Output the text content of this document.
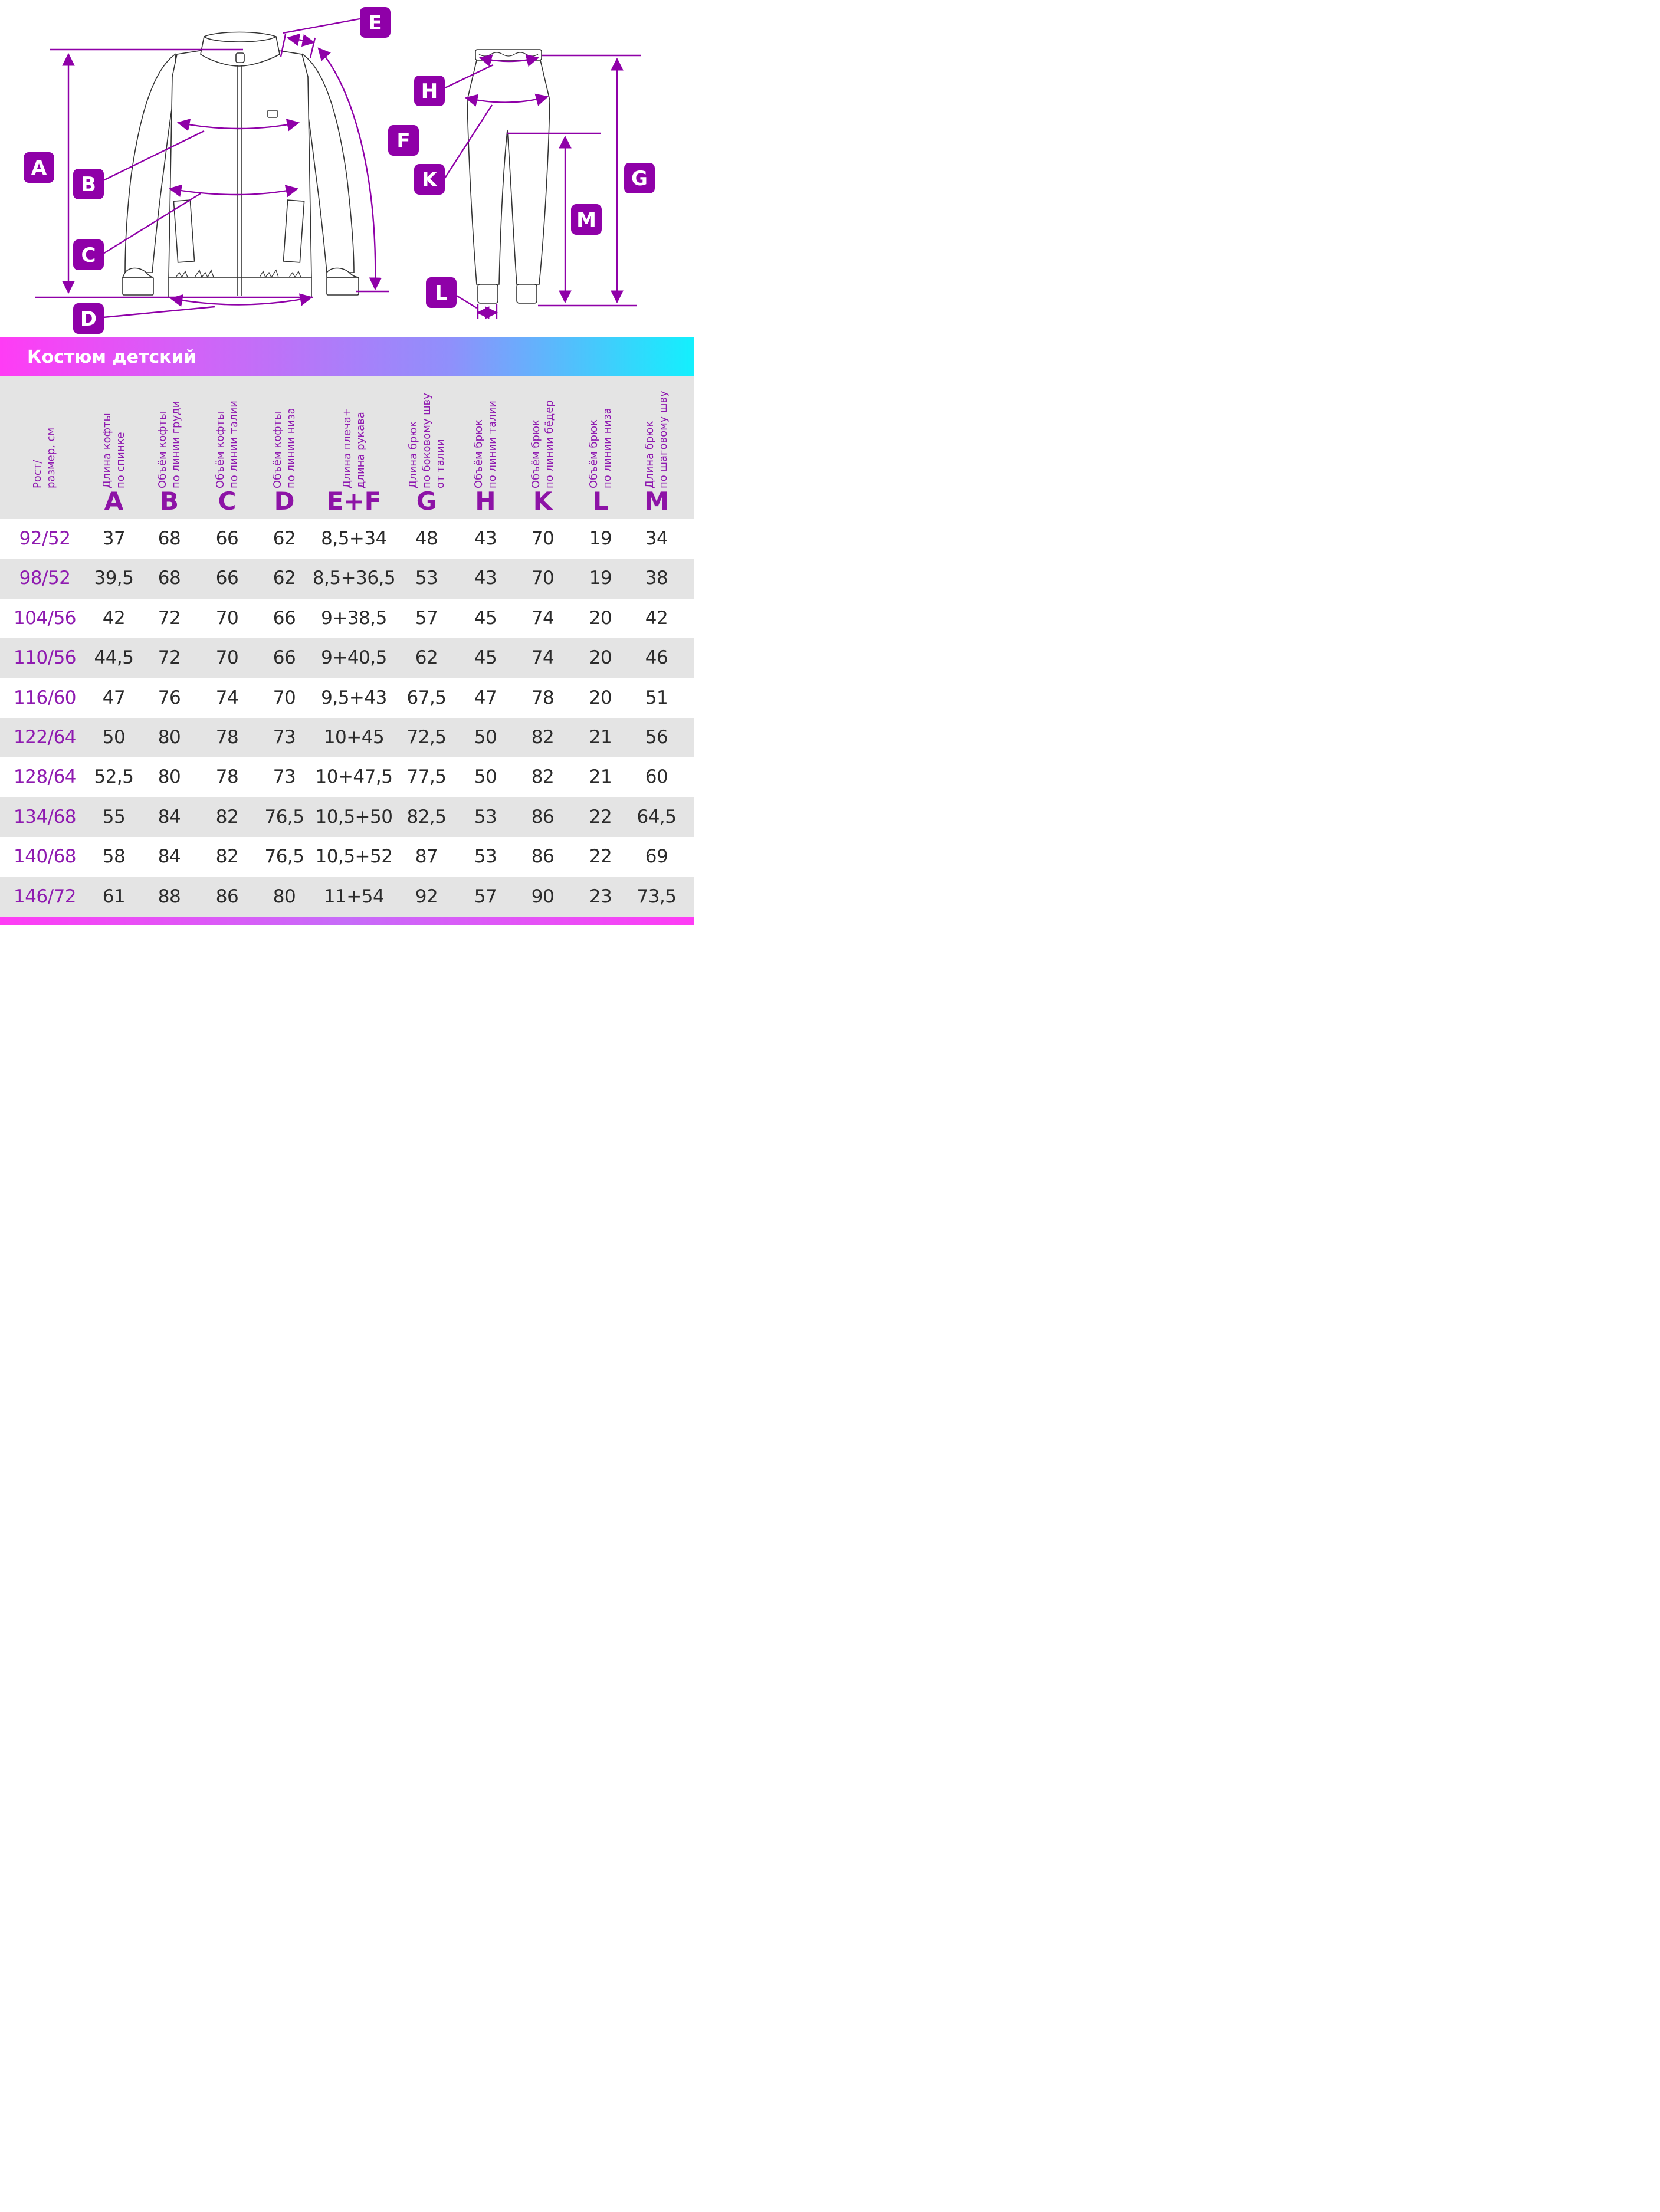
A
B
C
D
E
F
H
K
L
G
M
Костюм детский
Рост/
размер, см
Длина кофты
по спинке
A
Объём кофты
по линии груди
B
Объём кофты
по линии талии
C
Объём кофты
по линии низа
D
Длина плеча+
длина рукава
E+F
Длина брюк
по боковому шву
от талии
G
Объём брюк
по линии талии
H
Объём брюк
по линии бёдер
K
Объём брюк
по линии низа
L
Длина брюк
по шаговому шву
M
92/52	37	68	66	62	8,5+34	48	43	70	19	34
98/52	39,5	68	66	62 8,5+36,5	53	43	70	19	38
104/56	42	72	70	66	9+38,5	57	45	74	20	42
110/56 44,5	72	70	66	9+40,5	62	45	74	20	46
116/60	47	76	74	70	9,5+43	67,5	47	78	20	51
122/64	50	80	78	73	10+45	72,5	50	82	21	56
128/64 52,5	80	78	73	10+47,5 77,5	50	82	21	60
134/68	55	84	82	76,5 10,5+50 82,5	53	86	22	64,5
140/68	58	84	82	76,5 10,5+52	87	53	86	22	69
146/72	61	88	86	80	11+54	92	57	90	23	73,5
